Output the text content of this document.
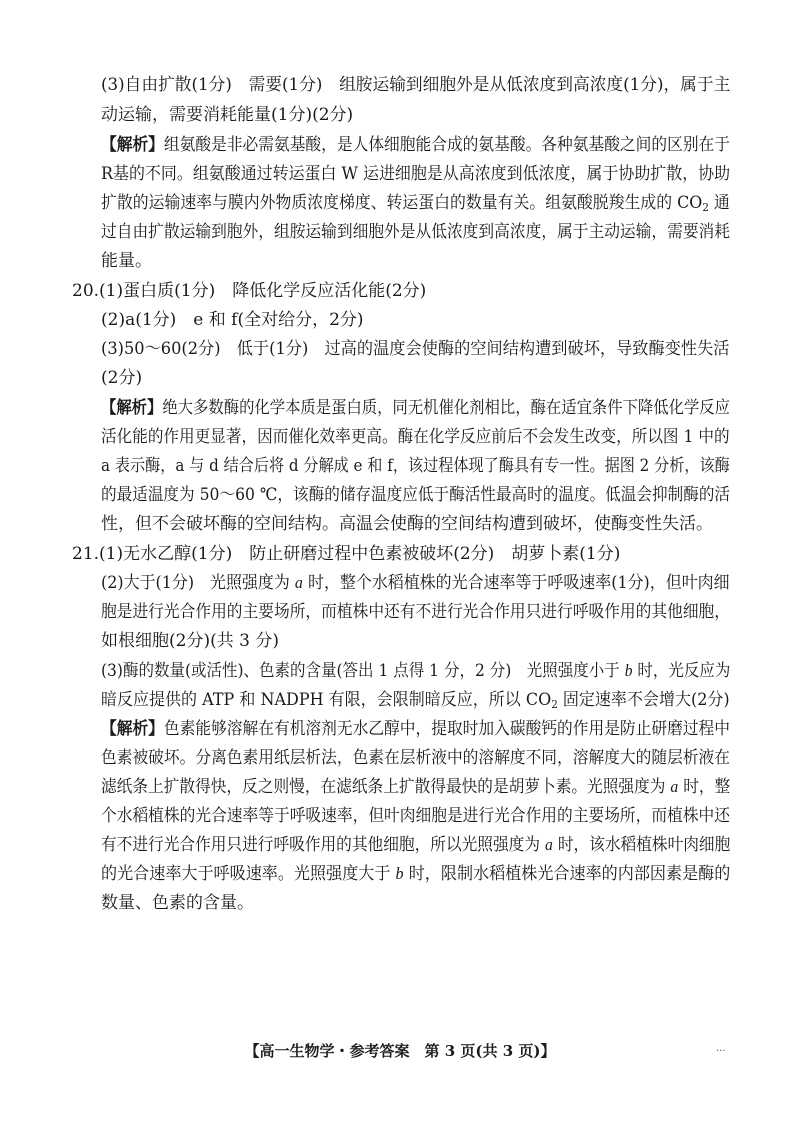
(3)自由扩散(1分)　需要(1分)　组胺运输到细胞外是从低浓度到高浓度(1分)，属于主
动运输，需要消耗能量(1分)(2分)
【解析】组氨酸是非必需氨基酸，是人体细胞能合成的氨基酸。各种氨基酸之间的区别在于
R基的不同。组氨酸通过转运蛋白 W 运进细胞是从高浓度到低浓度，属于协助扩散，协助
扩散的运输速率与膜内外物质浓度梯度、转运蛋白的数量有关。组氨酸脱羧生成的 $CO_2$ 通
过自由扩散运输到胞外，组胺运输到细胞外是从低浓度到高浓度，属于主动运输，需要消耗
能量。
20.(1)蛋白质(1分)　降低化学反应活化能(2分)
(2)a(1分)　e 和 f(全对给分，2分)
(3)50～60(2分)　低于(1分)　过高的温度会使酶的空间结构遭到破坏，导致酶变性失活
(2分)
【解析】绝大多数酶的化学本质是蛋白质，同无机催化剂相比，酶在适宜条件下降低化学反应
活化能的作用更显著，因而催化效率更高。酶在化学反应前后不会发生改变，所以图 1 中的
a 表示酶，a 与 d 结合后将 d 分解成 e 和 f，该过程体现了酶具有专一性。据图 2 分析，该酶
的最适温度为 50～60 ℃，该酶的储存温度应低于酶活性最高时的温度。低温会抑制酶的活
性，但不会破坏酶的空间结构。高温会使酶的空间结构遭到破坏，使酶变性失活。
21.(1)无水乙醇(1分)　防止研磨过程中色素被破坏(2分)　胡萝卜素(1分)
(2)大于(1分)　光照强度为 a 时，整个水稻植株的光合速率等于呼吸速率(1分)，但叶肉细
胞是进行光合作用的主要场所，而植株中还有不进行光合作用只进行呼吸作用的其他细胞，
如根细胞(2分)(共 3 分)
(3)酶的数量(或活性)、色素的含量(答出 1 点得 1 分，2 分)　光照强度小于 b 时，光反应为
暗反应提供的 ATP 和 NADPH 有限，会限制暗反应，所以 $CO_2$ 固定速率不会增大(2分)
【解析】色素能够溶解在有机溶剂无水乙醇中，提取时加入碳酸钙的作用是防止研磨过程中
色素被破坏。分离色素用纸层析法，色素在层析液中的溶解度不同，溶解度大的随层析液在
滤纸条上扩散得快，反之则慢，在滤纸条上扩散得最快的是胡萝卜素。光照强度为 a 时，整
个水稻植株的光合速率等于呼吸速率，但叶肉细胞是进行光合作用的主要场所，而植株中还
有不进行光合作用只进行呼吸作用的其他细胞，所以光照强度为 a 时，该水稻植株叶肉细胞
的光合速率大于呼吸速率。光照强度大于 b 时，限制水稻植株光合速率的内部因素是酶的
数量、色素的含量。
【高一生物学・参考答案　第 3 页(共 3 页)】	...
